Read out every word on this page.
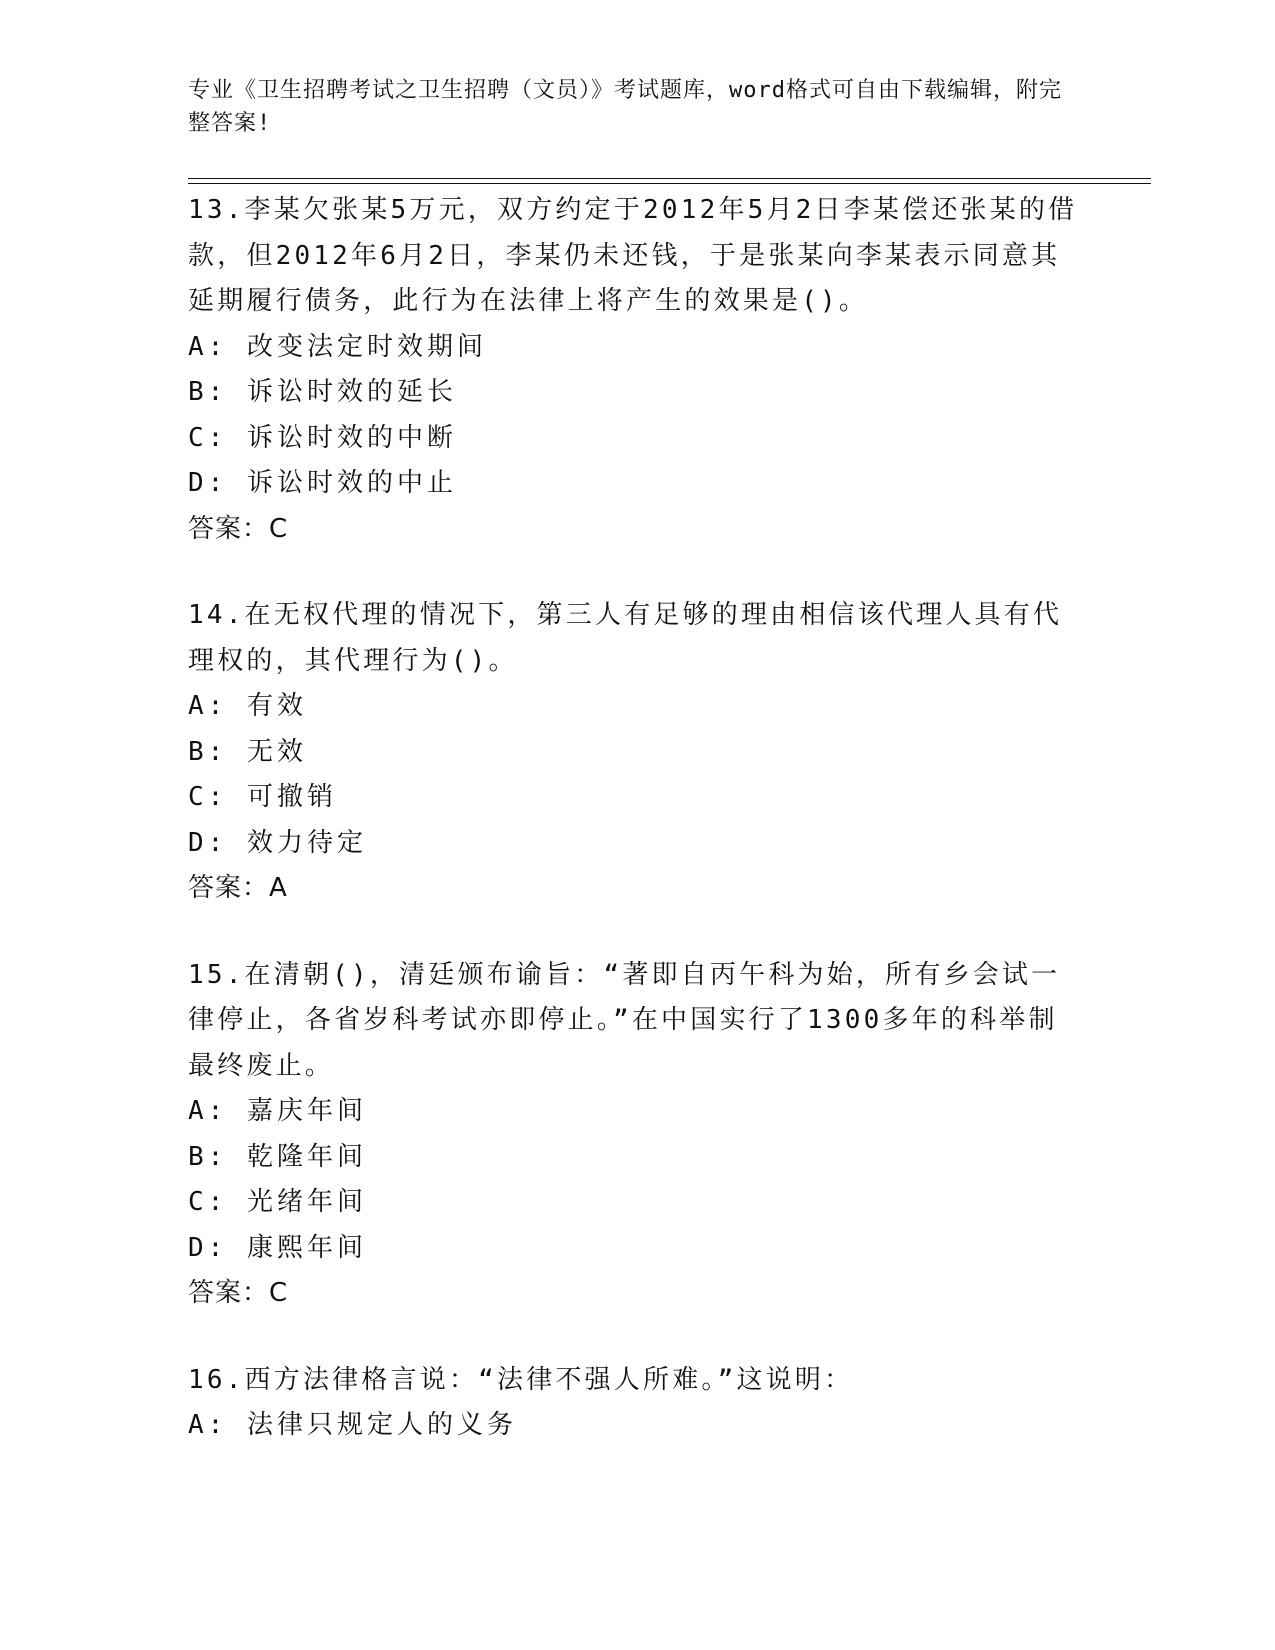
专业《卫生招聘考试之卫生招聘（文员）》考试题库，word格式可自由下载编辑，附完整答案!
13.李某欠张某5万元，双方约定于2012年5月2日李某偿还张某的借款，但2012年6月2日，李某仍未还钱，于是张某向李某表示同意其延期履行债务，此行为在法律上将产生的效果是()。
A: 改变法定时效期间
B: 诉讼时效的延长
C: 诉讼时效的中断
D: 诉讼时效的中止
答案：C
14.在无权代理的情况下，第三人有足够的理由相信该代理人具有代理权的，其代理行为()。
A: 有效
B: 无效
C: 可撤销
D: 效力待定
答案：A
15.在清朝()，清廷颁布谕旨：“著即自丙午科为始，所有乡会试一律停止，各省岁科考试亦即停止。”在中国实行了1300多年的科举制最终废止。
A: 嘉庆年间
B: 乾隆年间
C: 光绪年间
D: 康熙年间
答案：C
16.西方法律格言说：“法律不强人所难。”这说明：
A: 法律只规定人的义务
